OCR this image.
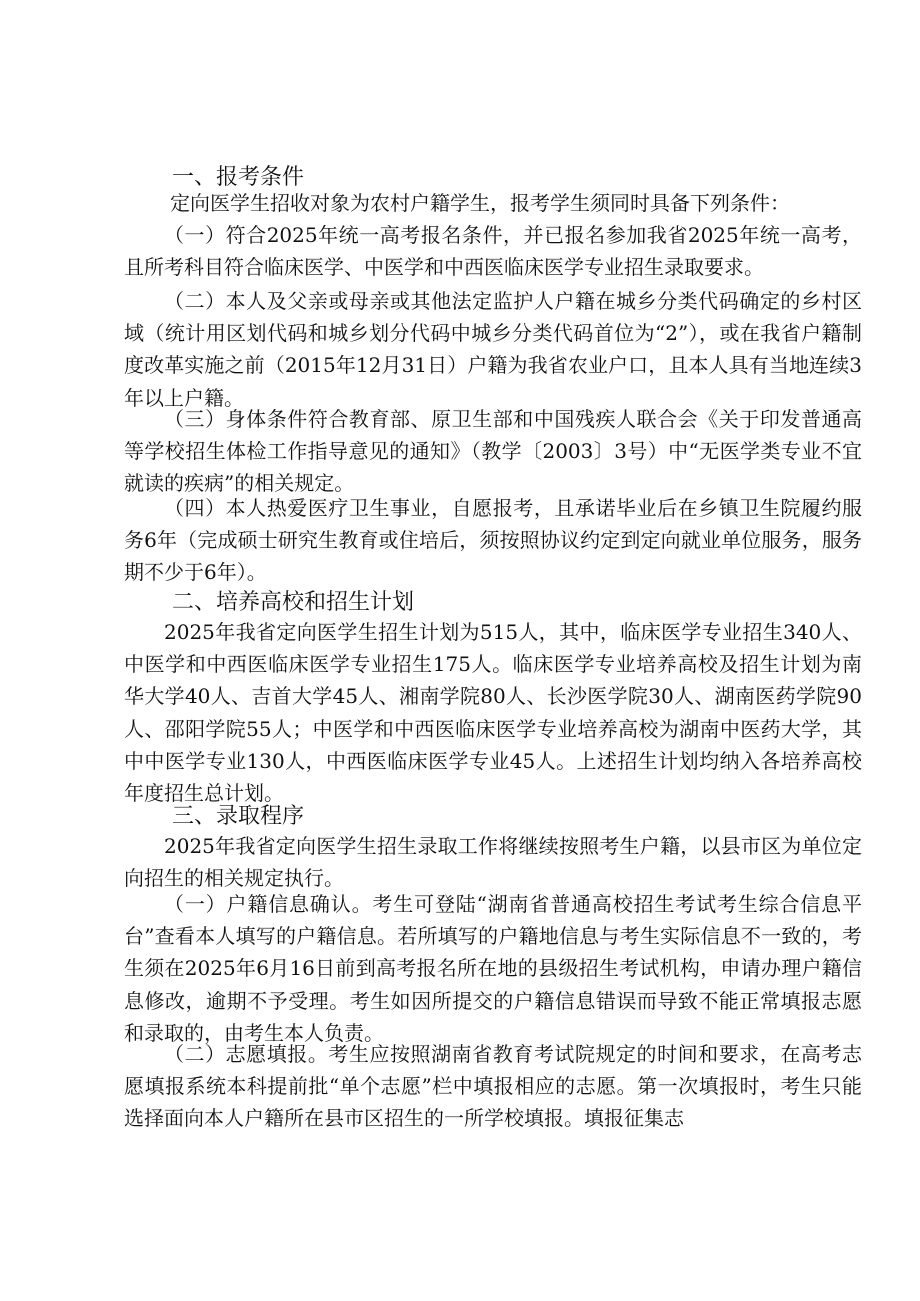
一、报考条件
定向医学生招收对象为农村户籍学生，报考学生须同时具备下列条件：
（一）符合2025年统一高考报名条件，并已报名参加我省2025年统一高考，且所考科目符合临床医学、中医学和中西医临床医学专业招生录取要求。
（二）本人及父亲或母亲或其他法定监护人户籍在城乡分类代码确定的乡村区域（统计用区划代码和城乡划分代码中城乡分类代码首位为“2”），或在我省户籍制度改革实施之前（2015年12月31日）户籍为我省农业户口，且本人具有当地连续3年以上户籍。
（三）身体条件符合教育部、原卫生部和中国残疾人联合会《关于印发普通高等学校招生体检工作指导意见的通知》（教学〔2003〕3号）中“无医学类专业不宜就读的疾病”的相关规定。
（四）本人热爱医疗卫生事业，自愿报考，且承诺毕业后在乡镇卫生院履约服务6年（完成硕士研究生教育或住培后，须按照协议约定到定向就业单位服务，服务期不少于6年）。
二、培养高校和招生计划
2025年我省定向医学生招生计划为515人，其中，临床医学专业招生340人、中医学和中西医临床医学专业招生175人。临床医学专业培养高校及招生计划为南华大学40人、吉首大学45人、湘南学院80人、长沙医学院30人、湖南医药学院90人、邵阳学院55人；中医学和中西医临床医学专业培养高校为湖南中医药大学，其中中医学专业130人，中西医临床医学专业45人。上述招生计划均纳入各培养高校年度招生总计划。
三、录取程序
2025年我省定向医学生招生录取工作将继续按照考生户籍，以县市区为单位定向招生的相关规定执行。
（一）户籍信息确认。考生可登陆“湖南省普通高校招生考试考生综合信息平台”查看本人填写的户籍信息。若所填写的户籍地信息与考生实际信息不一致的，考生须在2025年6月16日前到高考报名所在地的县级招生考试机构，申请办理户籍信息修改，逾期不予受理。考生如因所提交的户籍信息错误而导致不能正常填报志愿和录取的，由考生本人负责。
（二）志愿填报。考生应按照湖南省教育考试院规定的时间和要求，在高考志愿填报系统本科提前批“单个志愿”栏中填报相应的志愿。第一次填报时，考生只能选择面向本人户籍所在县市区招生的一所学校填报。填报征集志
